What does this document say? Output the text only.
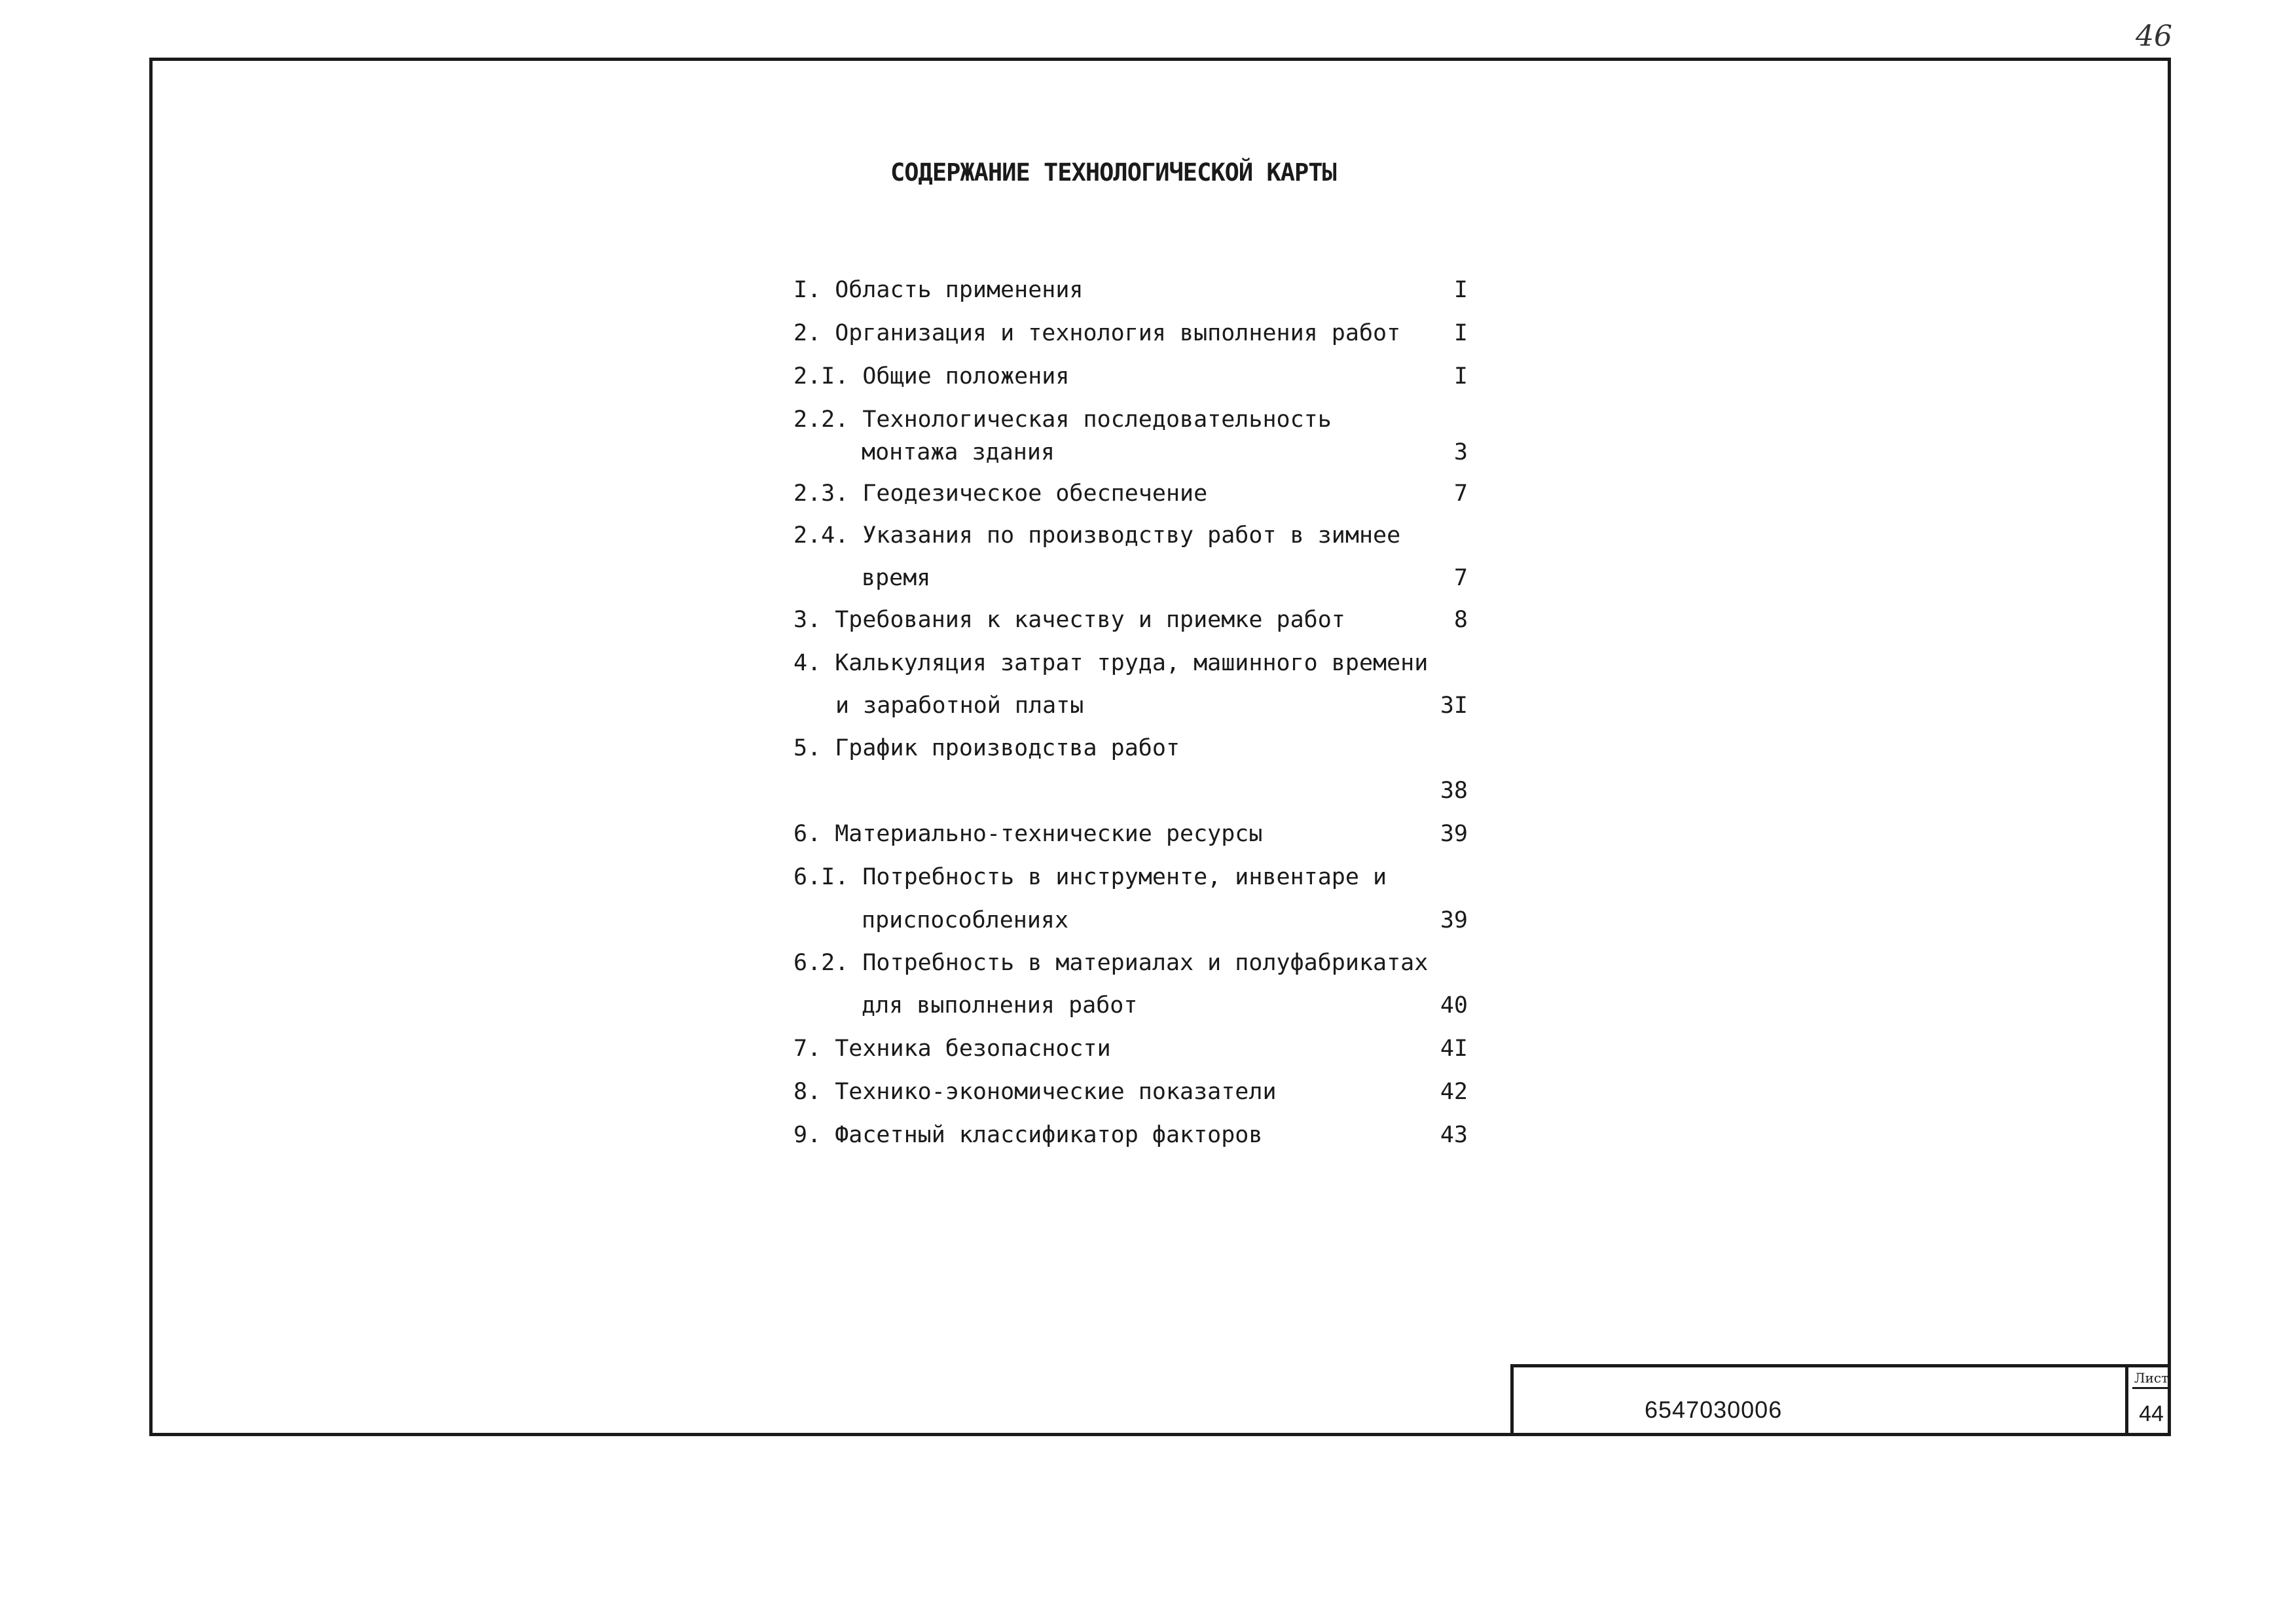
46
СОДЕРЖАНИЕ ТЕХНОЛОГИЧЕСКОЙ КАРТЫ
I. Область применения	I
2. Организация и технология выполнения работ	I
2.I. Общие положения	I
2.2. Технологическая последовательность
монтажа здания	3
2.3. Геодезическое обеспечение	7
2.4. Указания по производству работ в зимнее
время	7
3. Требования к качеству и приемке работ	8
4. Калькуляция затрат труда, машинного времени
и заработной платы	3I
5. График производства работ
38
6. Материально-технические ресурсы	39
6.I. Потребность в инструменте, инвентаре и
приспособлениях	39
6.2. Потребность в материалах и полуфабрикатах
для выполнения работ	40
7. Техника безопасности	4I
8. Технико-экономические показатели	42
9. Фасетный классификатор факторов	43
6547030006
Лист
44
